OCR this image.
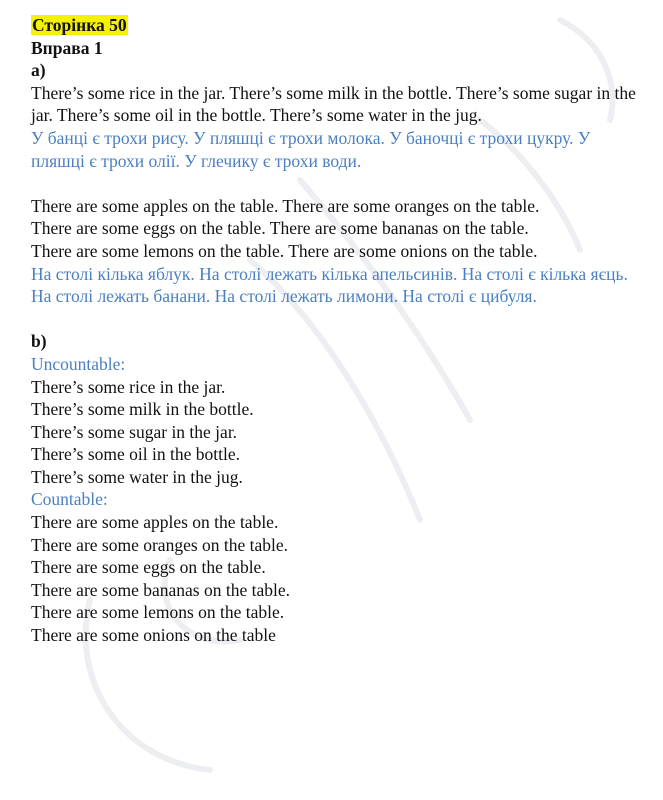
Сторінка 50
Вправа 1
а)
There’s some rice in the jar. There’s some milk in the bottle. There’s some sugar in the jar. There’s some oil in the bottle. There’s some water in the jug.
У банці є трохи рису. У пляшці є трохи молока. У баночці є трохи цукру. У пляшці є трохи олії. У глечику є трохи води.
There are some apples on the table. There are some oranges on the table.
There are some eggs on the table. There are some bananas on the table.
There are some lemons on the table. There are some onions on the table.
На столі кілька яблук. На столі лежать кілька апельсинів. На столі є кілька яєць. На столі лежать банани. На столі лежать лимони. На столі є цибуля.
b)
Uncountable:
There’s some rice in the jar.
There’s some milk in the bottle.
There’s some sugar in the jar.
There’s some oil in the bottle.
There’s some water in the jug.
Countable:
There are some apples on the table.
There are some oranges on the table.
There are some eggs on the table.
There are some bananas on the table.
There are some lemons on the table.
There are some onions on the table
